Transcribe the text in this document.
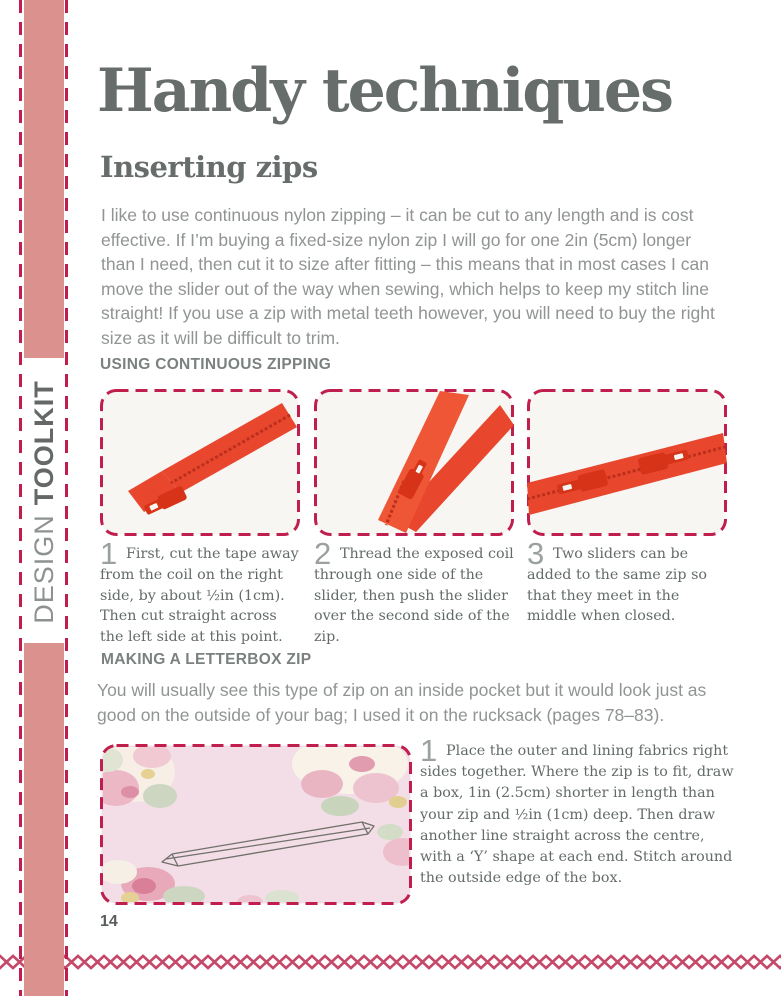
DESIGN
TOOLKIT
Handy techniques
Inserting zips

I like to use continuous nylon zipping – it can be cut to any length and is cost effective. If I’m buying a fixed-size nylon zip I will go for one 2in (5cm) longer than I need, then cut it to size after fitting – this means that in most cases I can move the slider out of the way when sewing, which helps to keep my stitch line straight! If you use a zip with metal teeth however, you will need to buy the right size as it will be difficult to trim.

USING CONTINUOUS ZIPPING
1 First, cut the tape away from the coil on the right side, by about ½in (1cm). Then cut straight across the left side at this point.

2 Thread the exposed coil through one side of the slider, then push the slider over the second side of the zip.

3 Two sliders can be added to the same zip so that they meet in the middle when closed.

MAKING A LETTERBOX ZIP

You will usually see this type of zip on an inside pocket but it would look just as good on the outside of your bag; I used it on the rucksack (pages 78–83).

1 Place the outer and lining fabrics right sides together. Where the zip is to fit, draw a box, 1in (2.5cm) shorter in length than your zip and ½in (1cm) deep. Then draw another line straight across the centre, with a ‘Y’ shape at each end. Stitch around the outside edge of the box.

14
